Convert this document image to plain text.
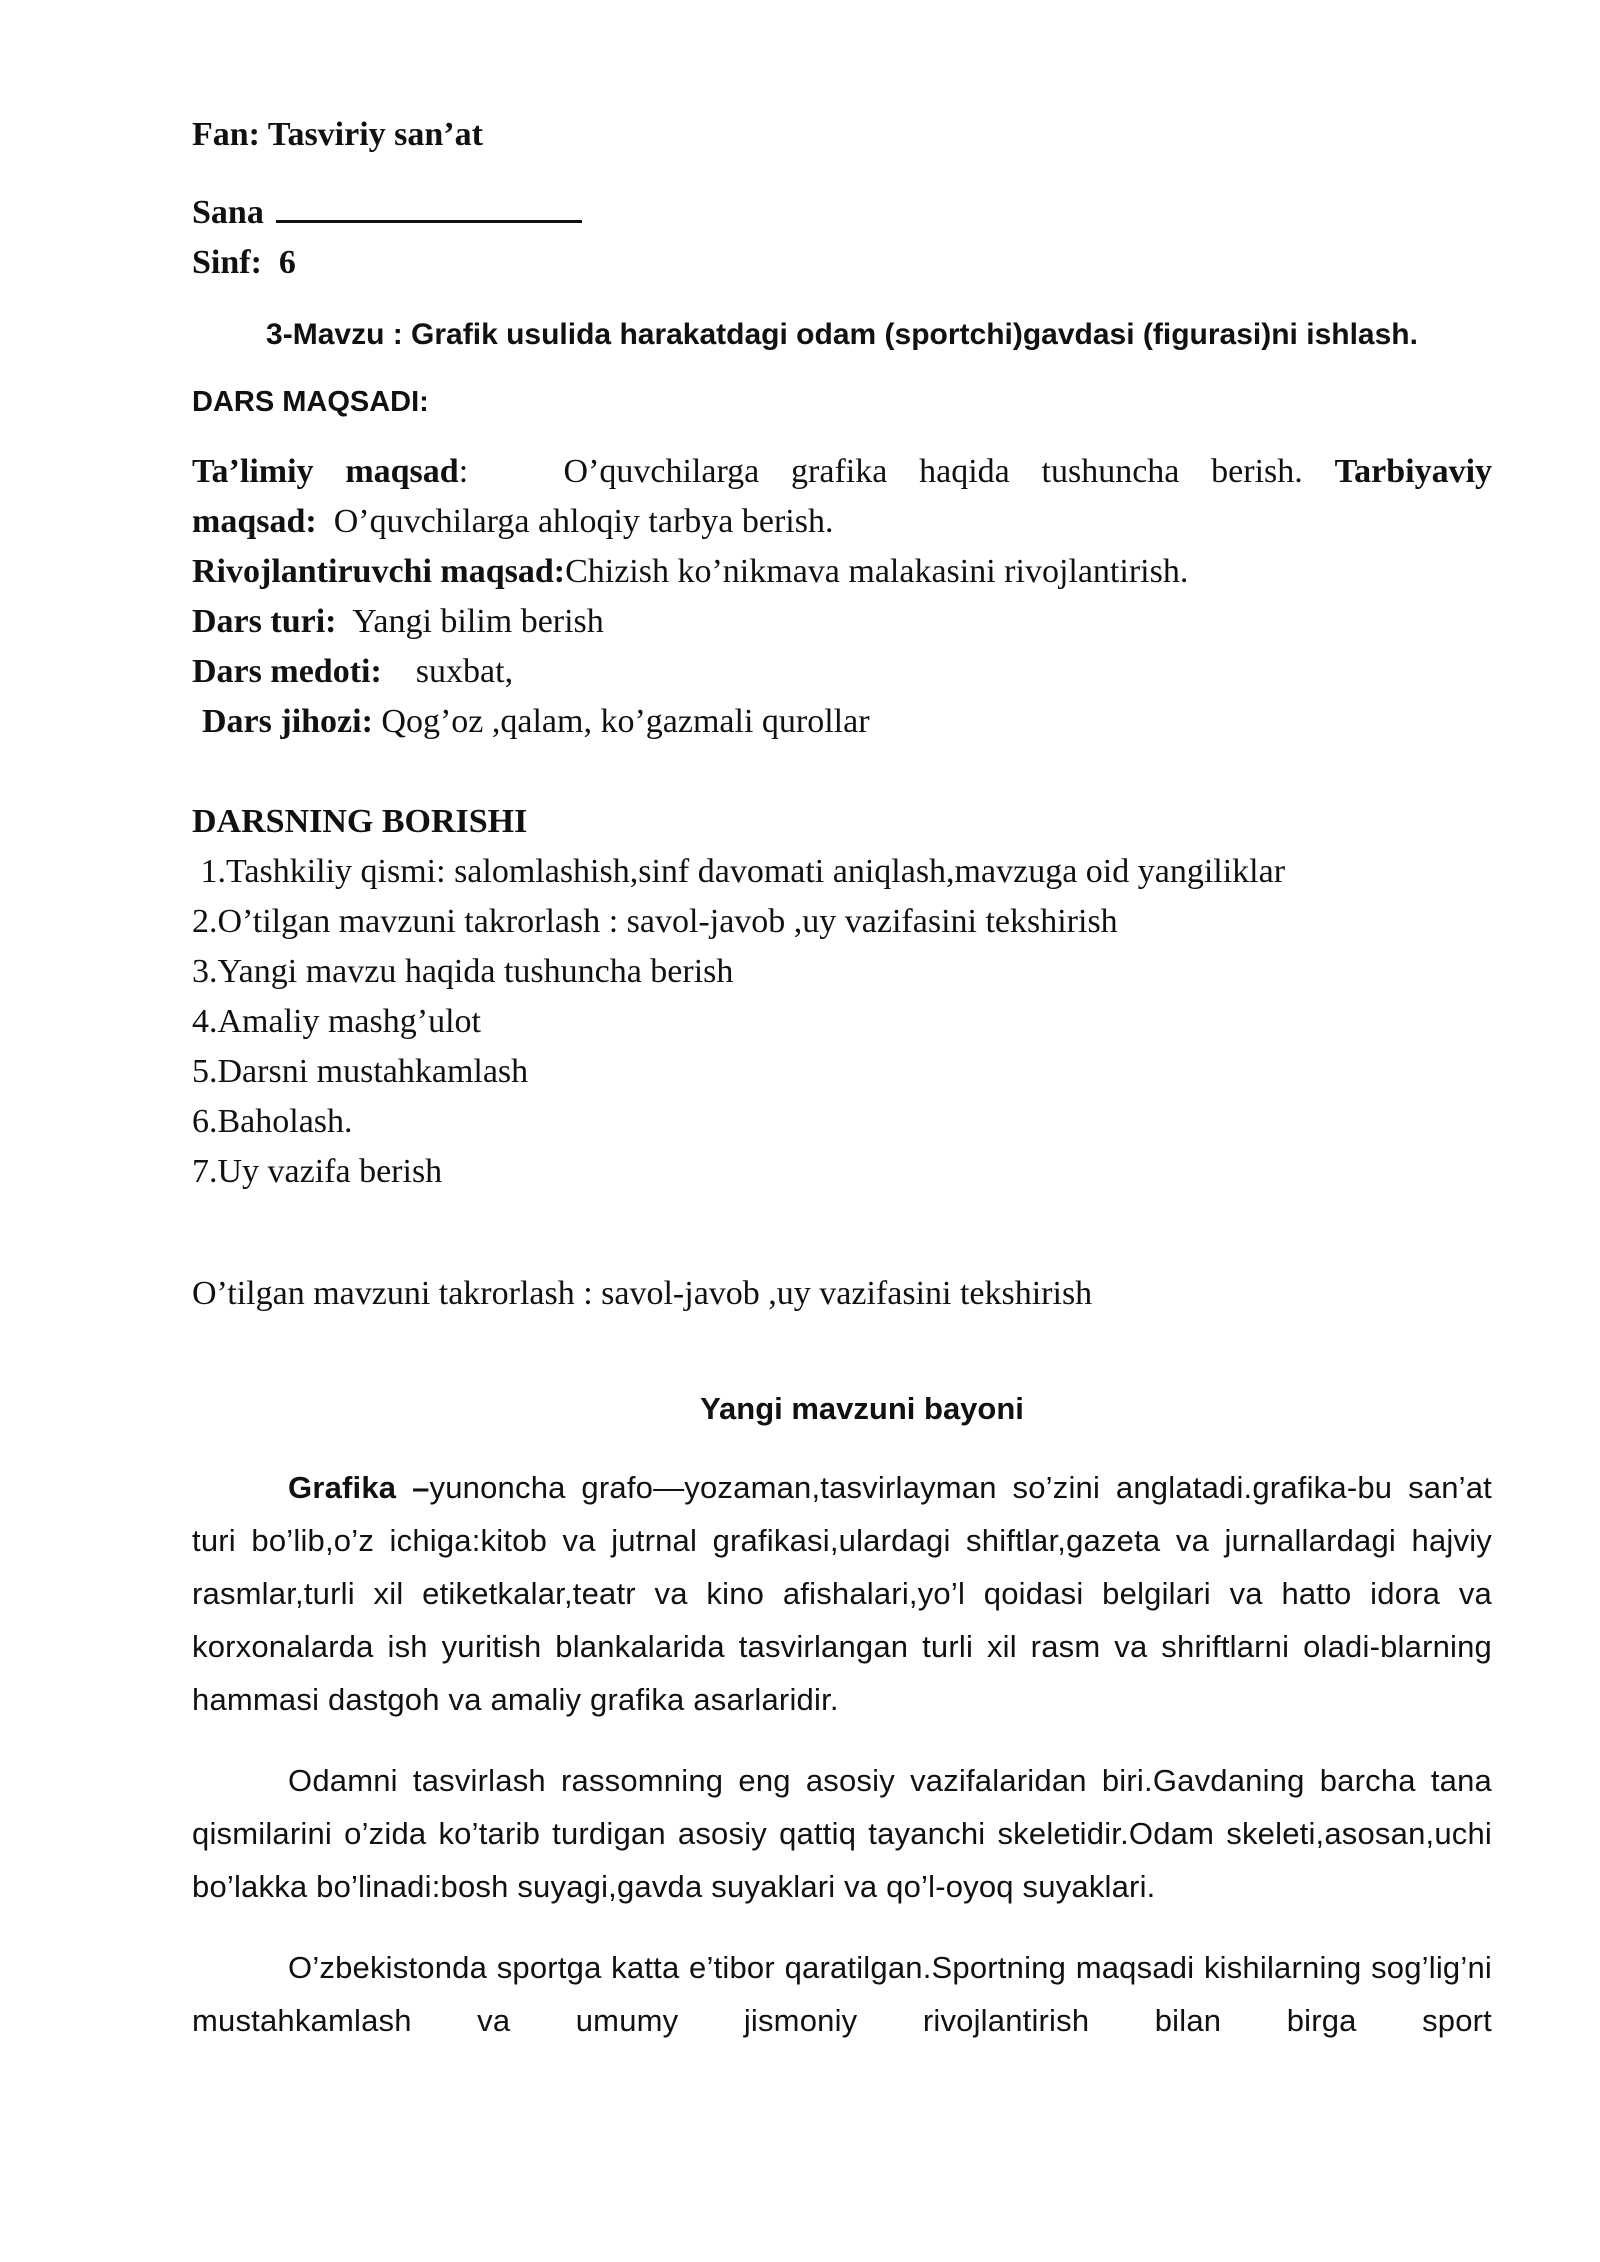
Fan: Tasviriy san’at
Sana
Sinf: 6
3-Mavzu : Grafik usulida harakatdagi odam (sportchi)gavdasi (figurasi)ni ishlash.
DARS MAQSADI:
Ta’limiy maqsad:	O’quvchilarga grafika haqida tushuncha berish. Tarbiyaviy
maqsad: O’quvchilarga ahloqiy tarbya berish.
Rivojlantiruvchi maqsad:Chizish ko’nikmava malakasini rivojlantirish.
Dars turi: Yangi bilim berish
Dars medoti: suxbat,
Dars jihozi: Qog’oz ,qalam, ko’gazmali qurollar
DARSNING BORISHI
1.Tashkiliy qismi: salomlashish,sinf davomati aniqlash,mavzuga oid yangiliklar
2.O’tilgan mavzuni takrorlash : savol-javob ,uy vazifasini tekshirish
3.Yangi mavzu haqida tushuncha berish
4.Amaliy mashg’ulot
5.Darsni mustahkamlash
6.Baholash.
7.Uy vazifa berish
O’tilgan mavzuni takrorlash : savol-javob ,uy vazifasini tekshirish
Yangi mavzuni bayoni
Grafika –yunoncha grafo—yozaman,tasvirlayman so’zini anglatadi.grafika-bu san’at turi bo’lib,o’z ichiga:kitob va jutrnal grafikasi,ulardagi shiftlar,gazeta va jurnallardagi hajviy rasmlar,turli xil etiketkalar,teatr va kino afishalari,yo’l qoidasi belgilari va hatto idora va korxonalarda ish yuritish blankalarida tasvirlangan turli xil rasm va shriftlarni oladi-blarning hammasi dastgoh va amaliy grafika asarlaridir.
Odamni tasvirlash rassomning eng asosiy vazifalaridan biri.Gavdaning barcha tana qismilarini o’zida ko’tarib turdigan asosiy qattiq tayanchi skeletidir.Odam skeleti,asosan,uchi bo’lakka bo’linadi:bosh suyagi,gavda suyaklari va qo’l-oyoq suyaklari.
O’zbekistonda sportga katta e’tibor qaratilgan.Sportning maqsadi kishilarning sog’lig’ni mustahkamlash va umumy jismoniy rivojlantirish bilan birga sport
